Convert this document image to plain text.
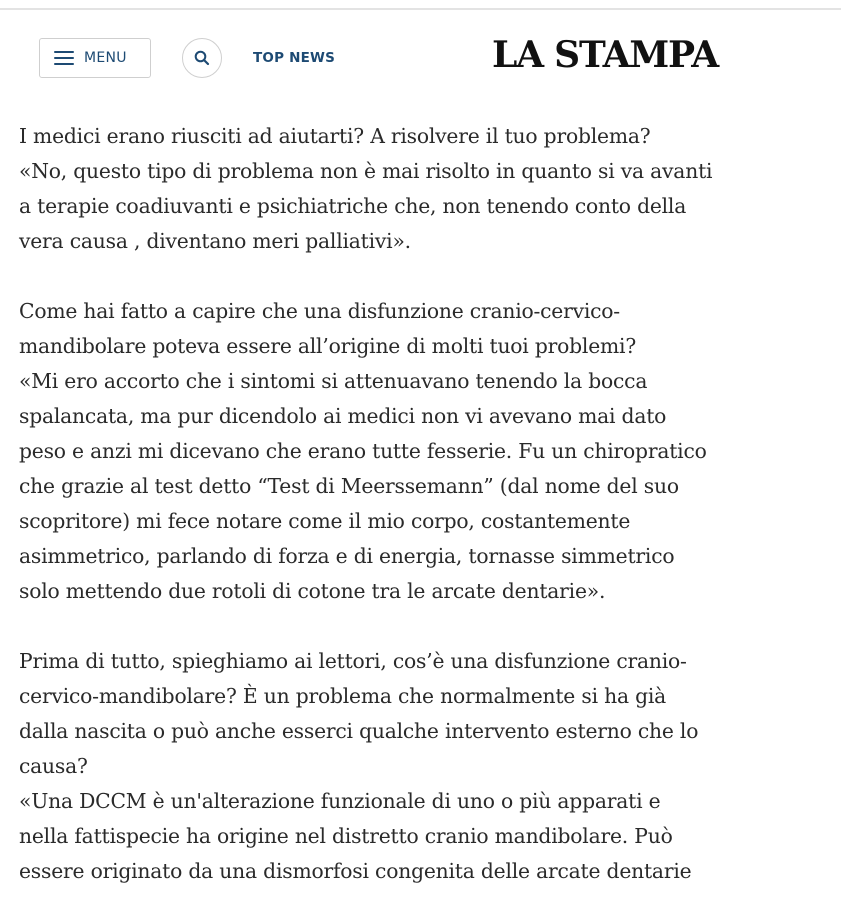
MENU	TOP NEWS	LA STAMPA

I medici erano riusciti ad aiutarti? A risolvere il tuo problema?
«No, questo tipo di problema non è mai risolto in quanto si va avanti
a terapie coadiuvanti e psichiatriche che, non tenendo conto della
vera causa , diventano meri palliativi».

Come hai fatto a capire che una disfunzione cranio-cervico-
mandibolare poteva essere all’origine di molti tuoi problemi?
«Mi ero accorto che i sintomi si attenuavano tenendo la bocca
spalancata, ma pur dicendolo ai medici non vi avevano mai dato
peso e anzi mi dicevano che erano tutte fesserie. Fu un chiropratico
che grazie al test detto “Test di Meerssemann” (dal nome del suo
scopritore) mi fece notare come il mio corpo, costantemente
asimmetrico, parlando di forza e di energia, tornasse simmetrico
solo mettendo due rotoli di cotone tra le arcate dentarie».

Prima di tutto, spieghiamo ai lettori, cos’è una disfunzione cranio-
cervico-mandibolare? È un problema che normalmente si ha già
dalla nascita o può anche esserci qualche intervento esterno che lo
causa?
«Una DCCM è un'alterazione funzionale di uno o più apparati e
nella fattispecie ha origine nel distretto cranio mandibolare. Può
essere originato da una dismorfosi congenita delle arcate dentarie
